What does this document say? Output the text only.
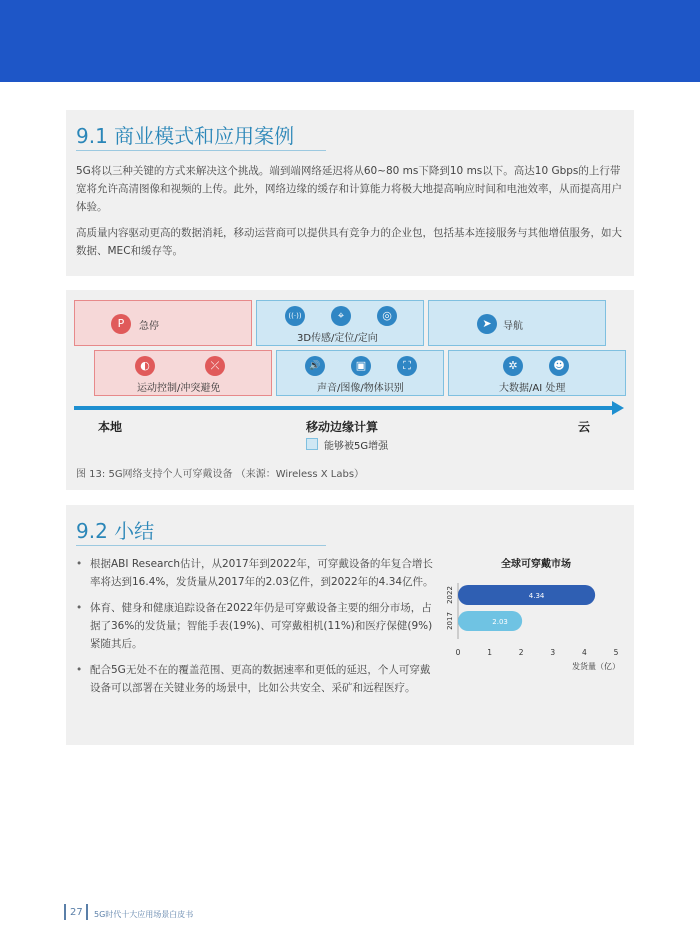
9.1 商业模式和应用案例
5G将以三种关键的方式来解决这个挑战。端到端网络延迟将从60~80 ms下降到10 ms以下。高达10 Gbps的上行带宽将允许高清图像和视频的上传。此外，网络边缘的缓存和计算能力将极大地提高响应时间和电池效率，从而提高用户体验。
高质量内容驱动更高的数据消耗，移动运营商可以提供具有竞争力的企业包，包括基本连接服务与其他增值服务，如大数据、MEC和缓存等。
P	急停
((·))	⌖	◎
3D传感/定位/定向
➤	导航
◐	⤫
运动控制/冲突避免
🔊	▣	⛶
声音/图像/物体识别
✲	☻
大数据/AI 处理
本地	移动边缘计算	云
能够被5G增强
图 13: 5G网络支持个人可穿戴设备 （来源：Wireless X Labs）
9.2 小结
• 根据ABI Research估计，从2017年到2022年，可穿戴设备的年复合增长率将达到16.4%，发货量从2017年的2.03亿件，到2022年的4.34亿件。
• 体育、健身和健康追踪设备在2022年仍是可穿戴设备主要的细分市场，占据了36%的发货量；智能手表(19%)、可穿戴相机(11%)和医疗保健(9%)紧随其后。
• 配合5G无处不在的覆盖范围、更高的数据速率和更低的延迟，个人可穿戴设备可以部署在关键业务的场景中，比如公共安全、采矿和远程医疗。
全球可穿戴市场
4.34
2022
2.03
2017
0	1	2	3	4	5
发货量（亿）
27 5G时代十大应用场景白皮书
